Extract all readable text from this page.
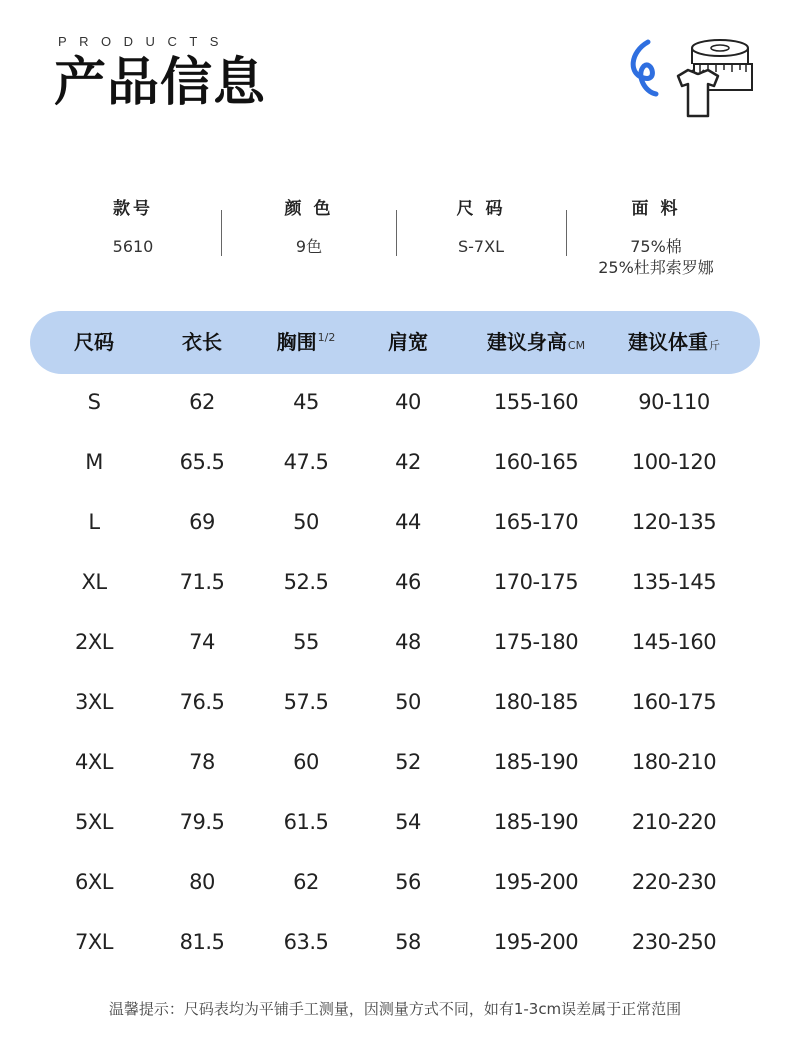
PRODUCTS
产品信息
款号
5610
颜 色
9色
尺 码
S-7XL
面 料
75%棉
25%杜邦索罗娜
尺码	衣长	胸围$^{1/2}$	肩宽	建议身高CM	建议体重斤
S	62	45	40	155-160	90-110
M	65.5	47.5	42	160-165	100-120
L	69	50	44	165-170	120-135
XL	71.5	52.5	46	170-175	135-145
2XL	74	55	48	175-180	145-160
3XL	76.5	57.5	50	180-185	160-175
4XL	78	60	52	185-190	180-210
5XL	79.5	61.5	54	185-190	210-220
6XL	80	62	56	195-200	220-230
7XL	81.5	63.5	58	195-200	230-250
温馨提示：尺码表均为平铺手工测量，因测量方式不同，如有1-3cm误差属于正常范围
